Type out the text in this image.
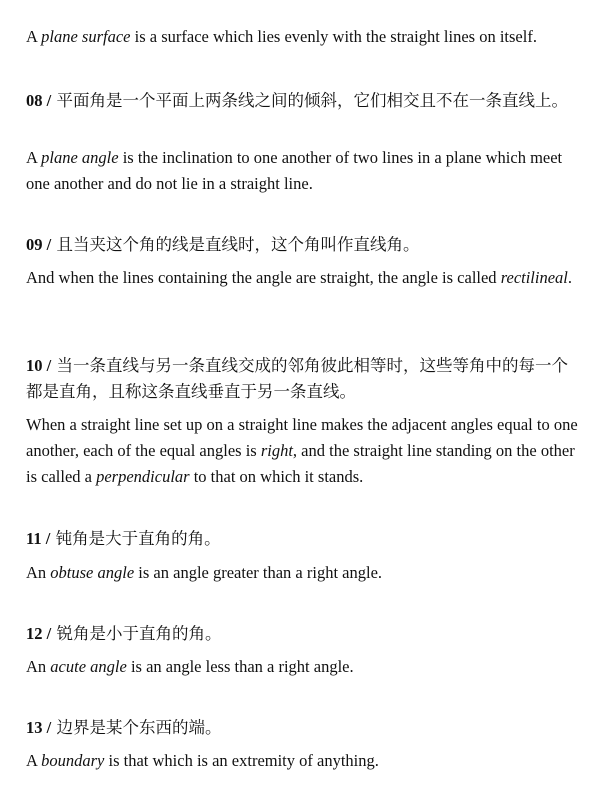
A plane surface is a surface which lies evenly with the straight lines on itself.

08 / 平面角是一个平面上两条线之间的倾斜，它们相交且不在一条直线上。

A plane angle is the inclination to one another of two lines in a plane which meet one another and do not lie in a straight line.

09 / 且当夹这个角的线是直线时，这个角叫作直线角。

And when the lines containing the angle are straight, the angle is called rectilineal.

10 / 当一条直线与另一条直线交成的邻角彼此相等时，这些等角中的每一个都是直角，且称这条直线垂直于另一条直线。

When a straight line set up on a straight line makes the adjacent angles equal to one another, each of the equal angles is right, and the straight line standing on the other is called a perpendicular to that on which it stands.

11 / 钝角是大于直角的角。

An obtuse angle is an angle greater than a right angle.

12 / 锐角是小于直角的角。

An acute angle is an angle less than a right angle.

13 / 边界是某个东西的端。

A boundary is that which is an extremity of anything.
